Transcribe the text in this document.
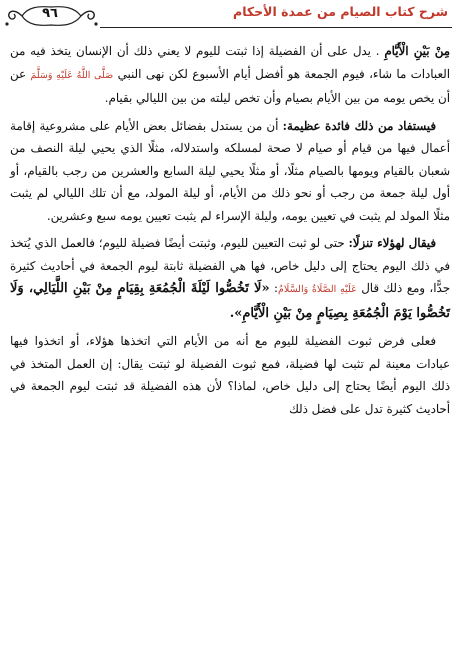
شرح كتاب الصيام من عمدة الأحكام
٩٦

مِنْ بَيْنِ الْأَيَّامِ . يدل على أن الفضيلة إذا ثبتت لليوم لا يعني ذلك أن الإنسان يتخذ فيه من العبادات ما شاء، فيوم الجمعة هو أفضل أيام الأسبوع لكن نهى النبي صَلَّى اللَّهُ عَلَيْهِ وَسَلَّمَ عن أن يخص يومه من بين الأيام بصيام وأن تخص ليلته من بين الليالي بقيام.

فيستفاد من ذلك فائدة عظيمة: أن من يستدل بفضائل بعض الأيام على مشروعية إقامة أعمال فيها من قيام أو صيام لا صحة لمسلكه واستدلاله، مثلًا الذي يحيي ليلة النصف من شعبان بالقيام ويومها بالصيام مثلًا، أو مثلًا يحيي ليلة السابع والعشرين من رجب بالقيام، أو أول ليلة جمعة من رجب أو نحو ذلك من الأيام، أو ليلة المولد، مع أن تلك الليالي لم يثبت مثلًا المولد لم يثبت في تعيين يومه، وليلة الإسراء لم يثبت تعيين يومه سبع وعشرين.

فيقال لهؤلاء تنزلًا: حتى لو ثبت التعيين لليوم، وثبتت أيضًا فضيلة لليوم؛ فالعمل الذي يُتخذ في ذلك اليوم يحتاج إلى دليل خاص، فها هي الفضيلة ثابتة ليوم الجمعة في أحاديث كثيرة جدًّا، ومع ذلك قال عَلَيْهِ الصَّلَاةُ وَالسَّلَامُ: «لَا تَخُصُّوا لَيْلَةَ الْجُمُعَةِ بِقِيَامٍ مِنْ بَيْنِ اللَّيَالِي، وَلَا تَخُصُّوا يَوْمَ الْجُمُعَةِ بِصِيَامٍ مِنْ بَيْنِ الْأَيَّامِ».

فعلى فرض ثبوت الفضيلة لليوم مع أنه من الأيام التي اتخذها هؤلاء، أو اتخذوا فيها عبادات معينة لم تثبت لها فضيلة، فمع ثبوت الفضيلة لو ثبتت يقال: إن العمل المتخذ في ذلك اليوم أيضًا يحتاج إلى دليل خاص، لماذا؟ لأن هذه الفضيلة قد ثبتت ليوم الجمعة في أحاديث كثيرة تدل على فضل ذلك
